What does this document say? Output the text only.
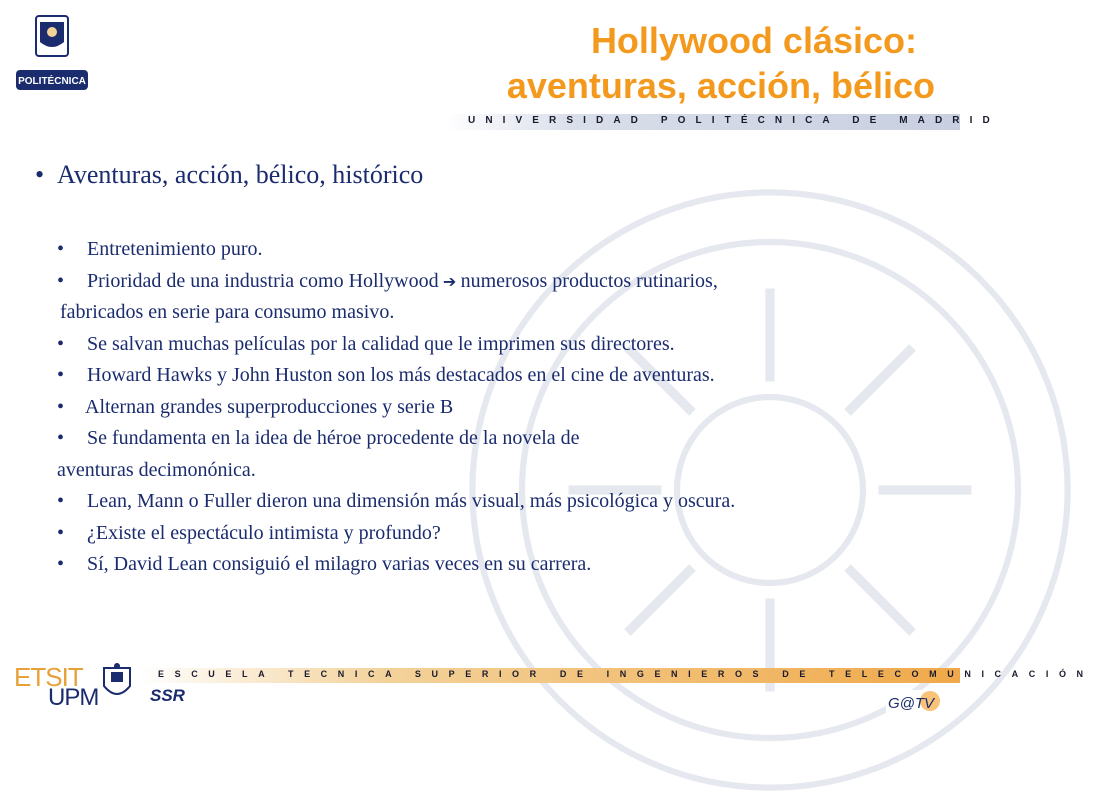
POLITÉCNICA
Hollywood clásico:
aventuras, acción, bélico
UNIVERSIDAD POLITÉCNICA DE MADRID
• Aventuras, acción, bélico, histórico
• Entretenimiento puro.
• Prioridad de una industria como Hollywood ➔ numerosos productos rutinarios,
fabricados en serie para consumo masivo.
• Se salvan muchas películas por la calidad que le imprimen sus directores.
• Howard Hawks y John Huston son los más destacados en el cine de aventuras.
• Alternan grandes superproducciones y serie B
• Se fundamenta en la idea de héroe procedente de la novela de
aventuras decimonónica.
• Lean, Mann o Fuller dieron una dimensión más visual, más psicológica y oscura.
• ¿Existe el espectáculo intimista y profundo?
• Sí, David Lean consiguió el milagro varias veces en su carrera.
ESCUELA TECNICA SUPERIOR DE INGENIEROS DE TELECOMUNICACIÓN
ETSIT
UPM	SSR	G@TV
